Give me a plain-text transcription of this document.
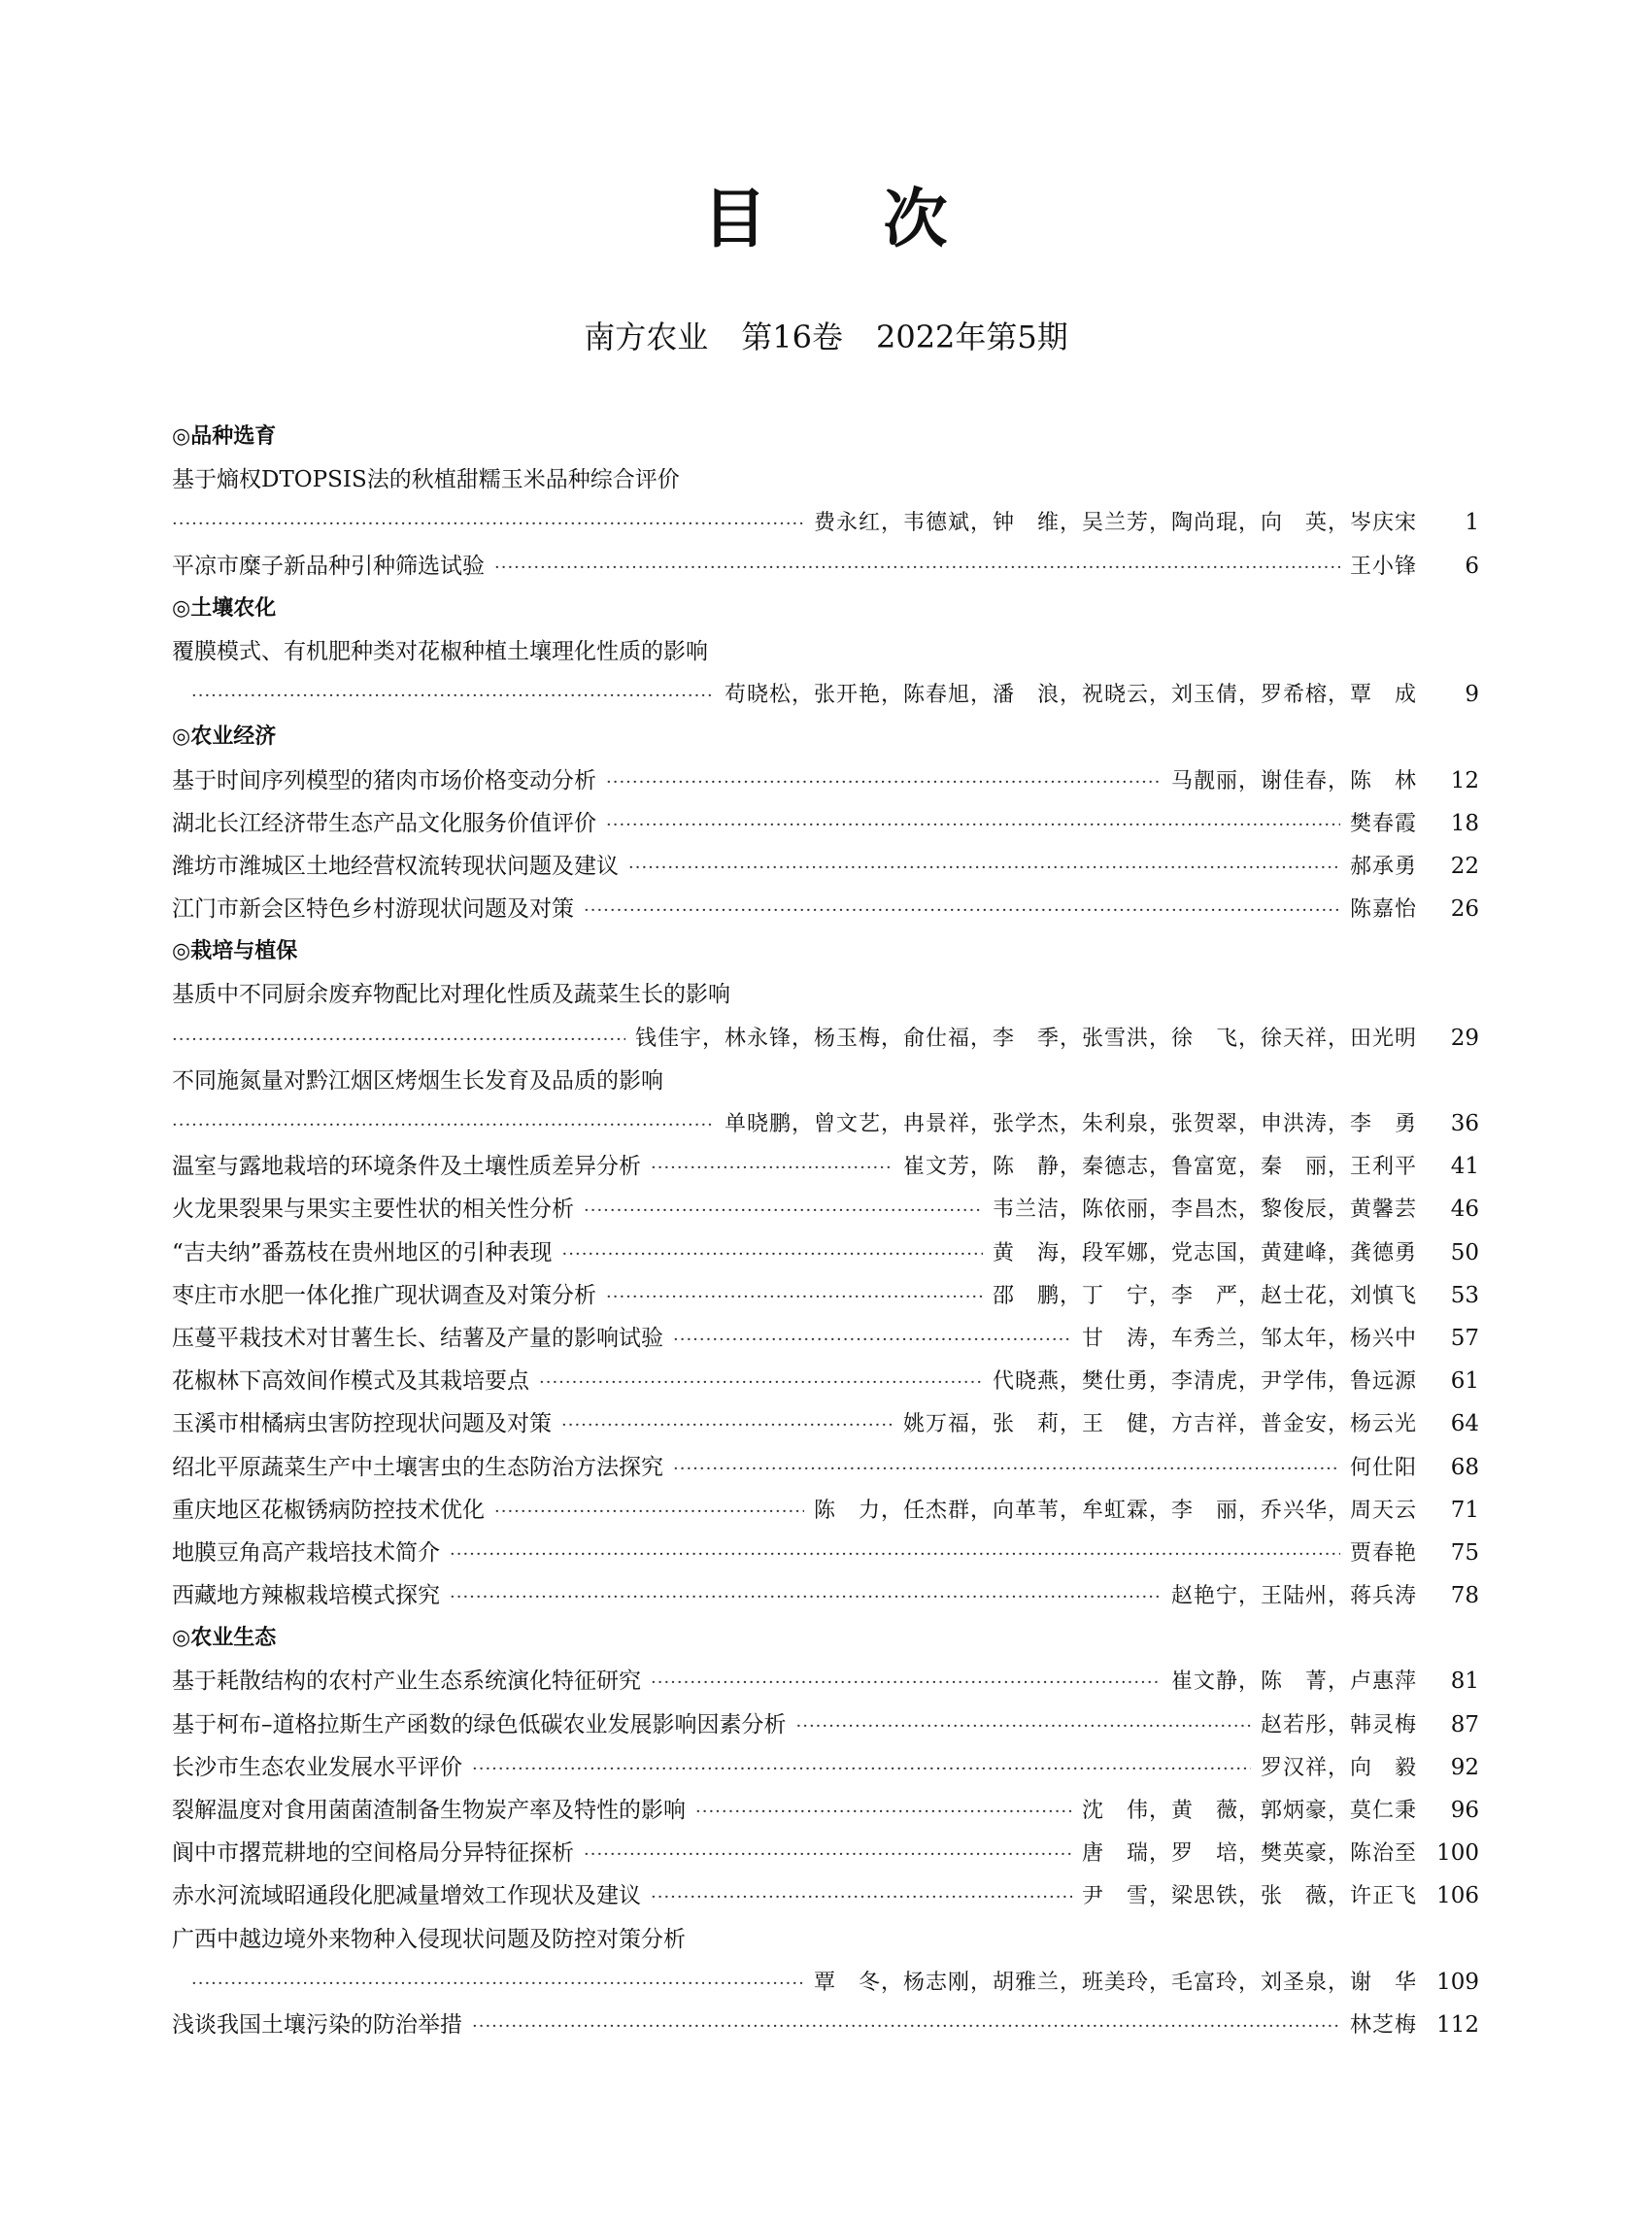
目 次
南方农业 第16卷 2022年第5期
◎品种选育
基于熵权DTOPSIS法的秋植甜糯玉米品种综合评价
·····
费永红，韦德斌，钟　维，吴兰芳，陶尚琨，向　英，岑庆宋	1
平凉市糜子新品种引种筛选试验 ·····	王小锋	6
◎土壤农化
覆膜模式、有机肥种类对花椒种植土壤理化性质的影响
·····
苟晓松，张开艳，陈春旭，潘　浪，祝晓云，刘玉倩，罗希榕，覃　成	9
◎农业经济
基于时间序列模型的猪肉市场价格变动分析 ·····	马靓丽，谢佳春，陈　林	12
湖北长江经济带生态产品文化服务价值评价 ·····	樊春霞	18
潍坊市潍城区土地经营权流转现状问题及建议 ·····	郝承勇	22
江门市新会区特色乡村游现状问题及对策 ·····	陈嘉怡	26
◎栽培与植保
基质中不同厨余废弃物配比对理化性质及蔬菜生长的影响
·····
钱佳宇，林永锋，杨玉梅，俞仕福，李　季，张雪洪，徐　飞，徐天祥，田光明	29
不同施氮量对黔江烟区烤烟生长发育及品质的影响
·····
单晓鹏，曾文艺，冉景祥，张学杰，朱利泉，张贺翠，申洪涛，李　勇	36
温室与露地栽培的环境条件及土壤性质差异分析 ·····	崔文芳，陈　静，秦德志，鲁富宽，秦　丽，王利平	41
火龙果裂果与果实主要性状的相关性分析 ·····	韦兰洁，陈依丽，李昌杰，黎俊辰，黄馨芸	46
“吉夫纳”番荔枝在贵州地区的引种表现 ·····	黄　海，段军娜，党志国，黄建峰，龚德勇	50
枣庄市水肥一体化推广现状调查及对策分析 ·····	邵　鹏，丁　宁，李　严，赵士花，刘慎飞	53
压蔓平栽技术对甘薯生长、结薯及产量的影响试验 ·····	甘　涛，车秀兰，邹太年，杨兴中	57
花椒林下高效间作模式及其栽培要点 ·····	代晓燕，樊仕勇，李清虎，尹学伟，鲁远源	61
玉溪市柑橘病虫害防控现状问题及对策 ·····	姚万福，张　莉，王　健，方吉祥，普金安，杨云光	64
绍北平原蔬菜生产中土壤害虫的生态防治方法探究 ·····	何仕阳	68
重庆地区花椒锈病防控技术优化 ·····	陈　力，任杰群，向革苇，牟虹霖，李　丽，乔兴华，周天云	71
地膜豆角高产栽培技术简介 ·····	贾春艳	75
西藏地方辣椒栽培模式探究 ·····	赵艳宁，王陆州，蒋兵涛	78
◎农业生态
基于耗散结构的农村产业生态系统演化特征研究 ·····	崔文静，陈　菁，卢惠萍	81
基于柯布–道格拉斯生产函数的绿色低碳农业发展影响因素分析 ·····	赵若彤，韩灵梅	87
长沙市生态农业发展水平评价 ·····	罗汉祥，向　毅	92
裂解温度对食用菌菌渣制备生物炭产率及特性的影响 ·····	沈　伟，黄　薇，郭炳豪，莫仁秉	96
阆中市撂荒耕地的空间格局分异特征探析 ·····	唐　瑞，罗　培，樊英豪，陈治至 100
赤水河流域昭通段化肥减量增效工作现状及建议 ·····	尹　雪，梁思铁，张　薇，许正飞 106
广西中越边境外来物种入侵现状问题及防控对策分析
·····
覃　冬，杨志刚，胡雅兰，班美玲，毛富玲，刘圣泉，谢　华 109
浅谈我国土壤污染的防治举措 ·····	林芝梅 112
